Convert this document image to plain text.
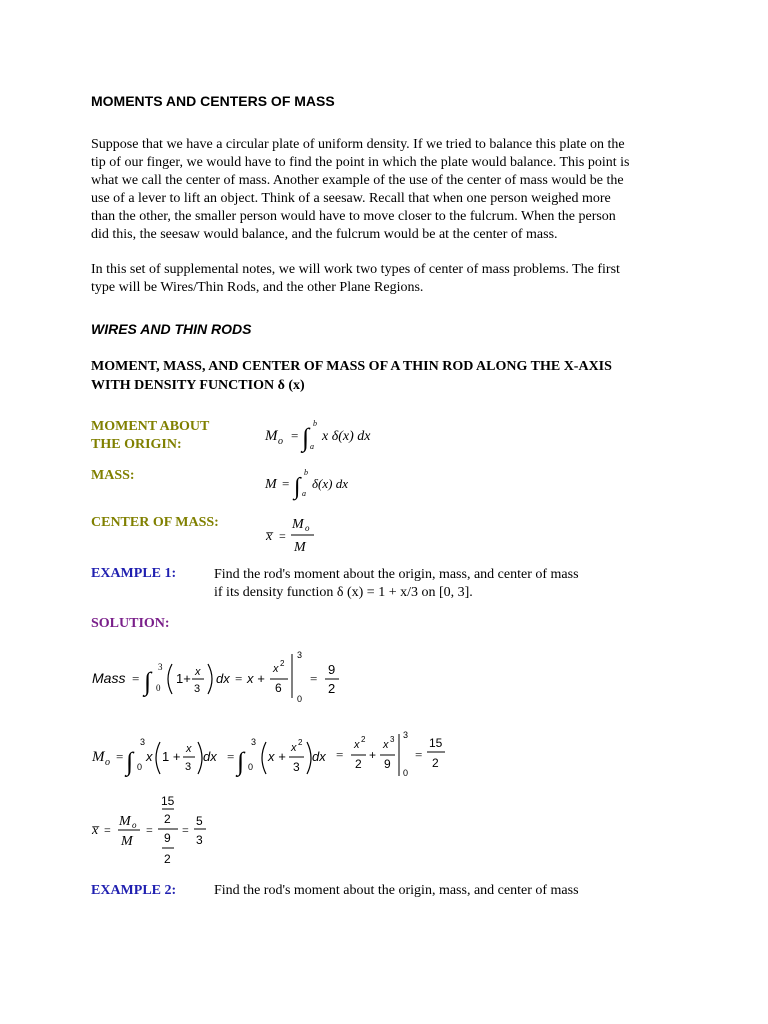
MOMENTS AND CENTERS OF MASS
Suppose that we have a circular plate of uniform density. If we tried to balance this plate on the
tip of our finger, we would have to find the point in which the plate would balance. This point is
what we call the center of mass. Another example of the use of the center of mass would be the
use of a lever to lift an object. Think of a seesaw. Recall that when one person weighed more
than the other, the smaller person would have to move closer to the fulcrum. When the person
did this, the seesaw would balance, and the fulcrum would be at the center of mass.
In this set of supplemental notes, we will work two types of center of mass problems. The first
type will be Wires/Thin Rods, and the other Plane Regions.
WIRES AND THIN RODS
MOMENT, MASS, AND CENTER OF MASS OF A THIN ROD ALONG THE X-AXIS
WITH DENSITY FUNCTION δ (x)
MOMENT ABOUT
THE ORIGIN:
MASS:
CENTER OF MASS:
M o = ∫ b
a
x δ(x) dx
M = ∫
b
a
δ(x) dx
x̅ =
M o
M
EXAMPLE 1:	Find the rod's moment about the origin, mass, and center of mass
if its density function δ (x) = 1 + x/3 on [0, 3].
SOLUTION:
Mass = ∫ 3
0
1+ x
3
dx = x +
x 2
6
3
0
=
9
2
M o = ∫
3
0
x 1 + x
3
dx = ∫
3
0
x +
x 2
3
dx =
x 2
2
+
x 3
9
3
0
=
15
2
x̅ =
M o
M
=
15
2
9
2
=
5
3
EXAMPLE 2:	Find the rod's moment about the origin, mass, and center of mass
